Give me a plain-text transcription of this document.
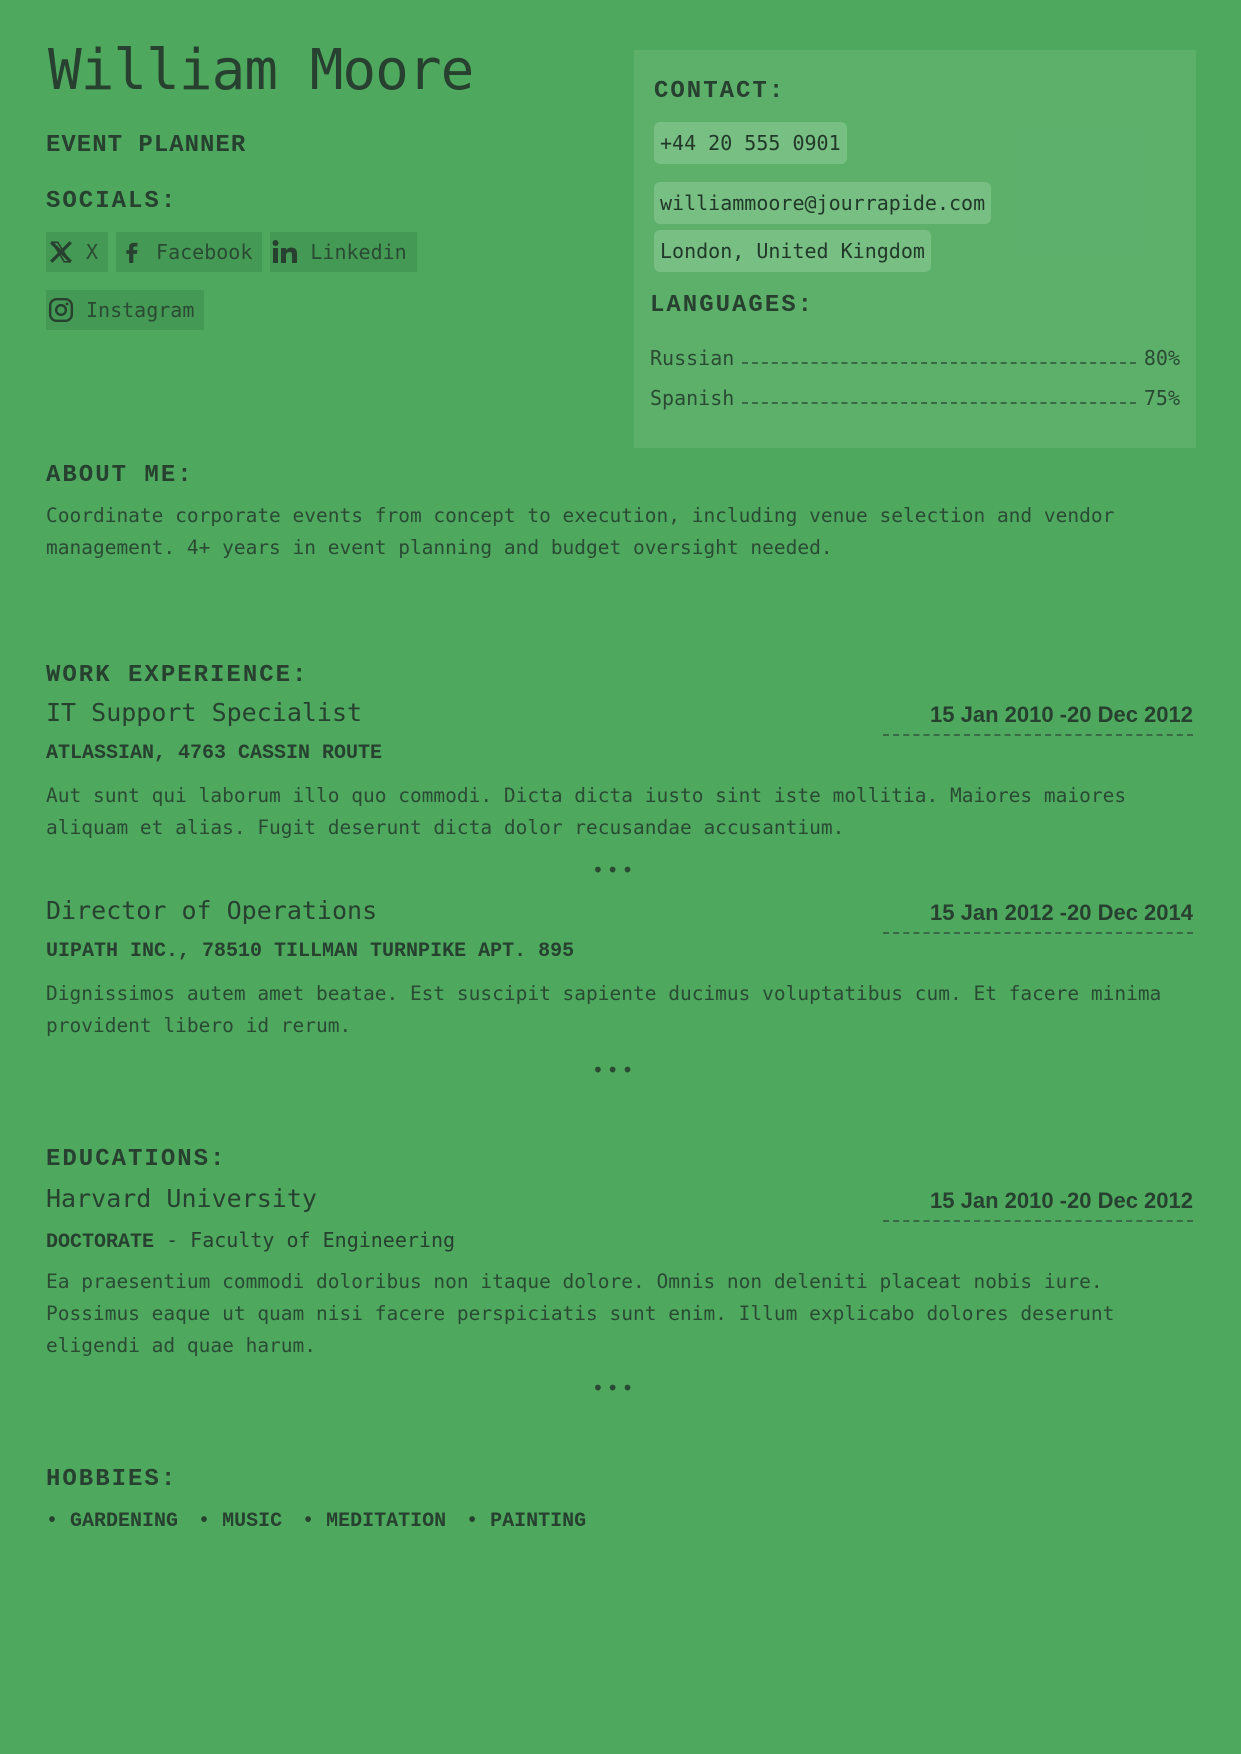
William Moore
EVENT PLANNER
SOCIALS:
X	Facebook	Linkedin
Instagram
CONTACT:
+44 20 555 0901
williammoore@jourrapide.com
London, United Kingdom
LANGUAGES:
Russian	80%
Spanish	75%
ABOUT ME:
Coordinate corporate events from concept to execution, including venue selection and vendor management. 4+ years in event planning and budget oversight needed.
WORK EXPERIENCE:
IT Support Specialist	15 Jan 2010 -20 Dec 2012
ATLASSIAN, 4763 CASSIN ROUTE
Aut sunt qui laborum illo quo commodi. Dicta dicta iusto sint iste mollitia. Maiores maiores aliquam et alias. Fugit deserunt dicta dolor recusandae accusantium.
•••
Director of Operations	15 Jan 2012 -20 Dec 2014
UIPATH INC., 78510 TILLMAN TURNPIKE APT. 895
Dignissimos autem amet beatae. Est suscipit sapiente ducimus voluptatibus cum. Et facere minima provident libero id rerum.
•••
EDUCATIONS:
Harvard University	15 Jan 2010 -20 Dec 2012
DOCTORATE - Faculty of Engineering
Ea praesentium commodi doloribus non itaque dolore. Omnis non deleniti placeat nobis iure. Possimus eaque ut quam nisi facere perspiciatis sunt enim. Illum explicabo dolores deserunt eligendi ad quae harum.
•••
HOBBIES:
• GARDENING	• MUSIC	• MEDITATION	• PAINTING
